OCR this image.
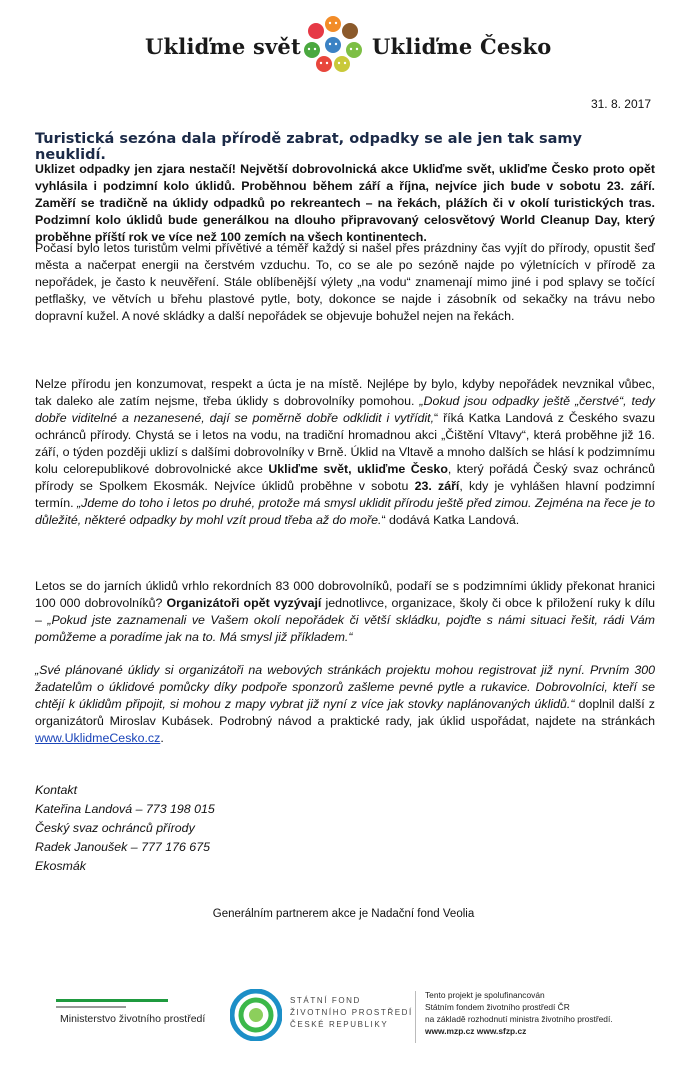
Ukliďme svět	Ukliďme Česko
31. 8. 2017
Turistická sezóna dala přírodě zabrat, odpadky se ale jen tak samy neuklidí.

Uklizet odpadky jen zjara nestačí! Největší dobrovolnická akce Ukliďme svět, ukliďme Česko proto opět vyhlásila i podzimní kolo úklidů. Proběhnou během září a října, nejvíce jich bude v sobotu 23. září. Zaměří se tradičně na úklidy odpadků po rekreantech – na řekách, plážích či v okolí turistických tras. Podzimní kolo úklidů bude generálkou na dlouho připravovaný celosvětový World Cleanup Day, který proběhne příští rok ve více než 100 zemích na všech kontinentech.

Počasí bylo letos turistům velmi přívětivé a téměř každý si našel přes prázdniny čas vyjít do přírody, opustit šeď města a načerpat energii na čerstvém vzduchu. To, co se ale po sezóně najde po výletnících v přírodě za nepořádek, je často k neuvěření. Stále oblíbenější výlety „na vodu“ znamenají mimo jiné i pod splavy se točící petflašky, ve větvích u břehu plastové pytle, boty, dokonce se najde i zásobník od sekačky na trávu nebo dopravní kužel. A nové skládky a další nepořádek se objevuje bohužel nejen na řekách.

Nelze přírodu jen konzumovat, respekt a úcta je na místě. Nejlépe by bylo, kdyby nepořádek nevznikal vůbec, tak daleko ale zatím nejsme, třeba úklidy s dobrovolníky pomohou. „Dokud jsou odpadky ještě „čerstvé“, tedy dobře viditelné a nezanesené, dají se poměrně dobře odklidit i vytřídit,“ říká Katka Landová z Českého svazu ochránců přírody. Chystá se i letos na vodu, na tradiční hromadnou akci „Čištění Vltavy“, která proběhne již 16. září, o týden později uklizí s dalšími dobrovolníky v Brně. Úklid na Vltavě a mnoho dalších se hlásí k podzimnímu kolu celorepublikové dobrovolnické akce Ukliďme svět, ukliďme Česko, který pořádá Český svaz ochránců přírody se Spolkem Ekosmák. Nejvíce úklidů proběhne v sobotu 23. září, kdy je vyhlášen hlavní podzimní termín. „Jdeme do toho i letos po druhé, protože má smysl uklidit přírodu ještě před zimou. Zejména na řece je to důležité, některé odpadky by mohl vzít proud třeba až do moře.“ dodává Katka Landová.

Letos se do jarních úklidů vrhlo rekordních 83 000 dobrovolníků, podaří se s podzimními úklidy překonat hranici 100 000 dobrovolníků? Organizátoři opět vyzývají jednotlivce, organizace, školy či obce k přiložení ruky k dílu – „Pokud jste zaznamenali ve Vašem okolí nepořádek či větší skládku, pojďte s námi situaci řešit, rádi Vám pomůžeme a poradíme jak na to. Má smysl již příkladem.“

„Své plánované úklidy si organizátoři na webových stránkách projektu mohou registrovat již nyní. Prvním 300 žadatelům o úklidové pomůcky díky podpoře sponzorů zašleme pevné pytle a rukavice. Dobrovolníci, kteří se chtějí k úklidům připojit, si mohou z mapy vybrat již nyní z více jak stovky naplánovaných úklidů.“ doplnil další z organizátorů Miroslav Kubásek. Podrobný návod a praktické rady, jak úklid uspořádat, najdete na stránkách www.UklidmeCesko.cz.

Kontakt
Kateřina Landová – 773 198 015
Český svaz ochránců přírody
Radek Janoušek – 777 176 675
Ekosmák
Generálním partnerem akce je Nadační fond Veolia
Ministerstvo životního prostředí
STÁTNÍ FOND
ŽIVOTNÍHO PROSTŘEDÍ
ČESKÉ REPUBLIKY
Tento projekt je spolufinancován
Státním fondem životního prostředí ČR
na základě rozhodnutí ministra životního prostředí.
www.mzp.cz www.sfzp.cz
